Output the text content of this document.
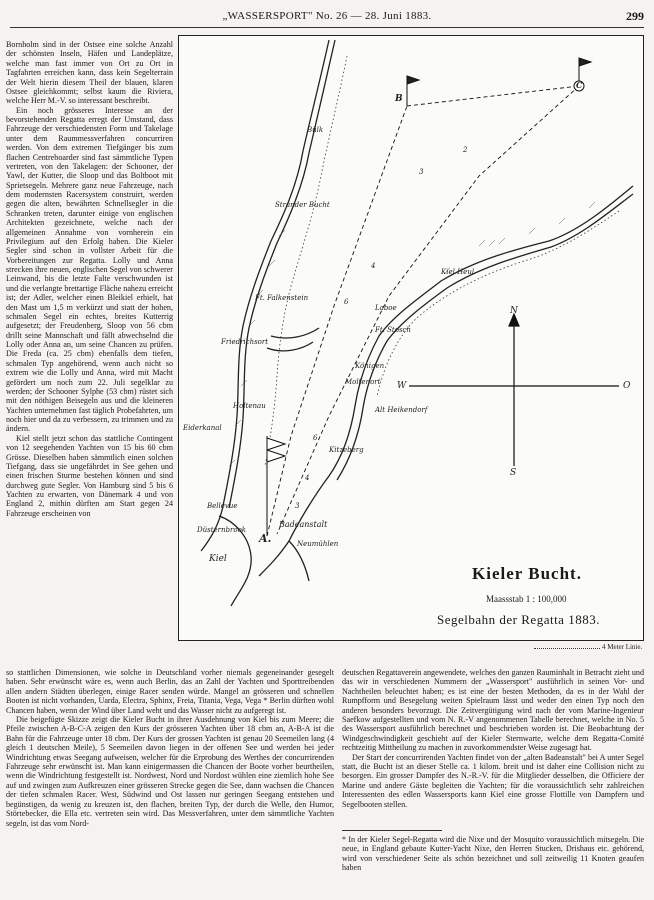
„WASSERSPORT" No. 26 — 28. Juni 1883.	299

Bornholm sind in der Ostsee eine solche Anzahl der schönsten Inseln, Häfen und Landeplätze, welche man fast immer von Ort zu Ort in Tagfahrten erreichen kann, dass kein Segelterrain der Welt hierin diesem Theil der blauen, klaren Ostsee gleichkommt; selbst kaum die Riviera, welche Herr M.-V. so interessant beschreibt.

Ein noch grösseres Interesse an der bevorstehenden Regatta erregt der Umstand, dass Fahrzeuge der verschiedensten Form und Takelage unter dem Raummessverfahren concurriren werden. Von dem extremen Tiefgänger bis zum flachen Centreboarder sind fast sämmtliche Typen vertreten, von den Takelagen: der Schooner, der Yawl, der Kutter, die Sloop und das Boltboot mit Sprietsegeln. Mehrere ganz neue Fahrzeuge, nach dem modernsten Racersystem construirt, werden gegen die alten, bewährten Schnellsegler in die Schranken treten, darunter einige von englischen Architekten gezeichnete, welche nach der allgemeinen Annahme von vornherein ein Privilegium auf den Erfolg haben. Die Kieler Segler sind schon in vollster Arbeit für die Vorbereitungen zur Regatta. Lolly und Anna strecken ihre neuen, englischen Segel von schwerer Leinwand, bis die letzte Falte verschwunden ist und die verlangte brettartige Fläche nahezu erreicht ist; der Adler, welcher einen Bleikiel erhielt, hat den Mast um 1,5 m verkürzt und statt der hohen, schmalen Segel ein echtes, breites Kutterrig aufgesetzt; der Freudenberg, Sloop von 56 cbm drillt seine Mannschaft und fällt abwechselnd die Lolly oder Anna an, um seine Chancen zu prüfen. Die Freda (ca. 25 cbm) ebenfalls dem tiefen, schmalen Typ angehörend, wenn auch nicht so extrem wie die Lolly und Anna, wird mit Macht gefördert um noch zum 22. Juli segelklar zu werden; der Schooner Sylphe (53 cbm) rüstet sich mit den nöthigen Beisegeln aus und die kleineren Yachten unternehmen fast täglich Probefahrten, um noch hier und da zu verbessern, zu trimmen und zu ändern.

Kiel stellt jetzt schon das stattliche Contingent von 12 seegehenden Yachten von 15 bis 60 cbm Grösse. Dieselben haben sämmtlich einen solchen Tiefgang, dass sie ungefährdet in See gehen und einen frischen Sturme bestehen können und sind durchweg gute Segler. Von Hamburg sind 5 bis 6 Yachten zu erwarten, von Dänemark 4 und von England 2, mithin dürften am Start gegen 24 Fahrzeuge erscheinen von

Bülk
Strander Bucht
Kiel Heul
Laboe
Ft. Falkenstein
Friedrichsort
Ft. Stosch
Königen
Moltenort
Holtenau
Eiderkanal
Alt Heikendorf
Kitzeberg
Bellevue
Badeanstalt
Düsternbrook
Neumühlen
Kiel
A.
B
C
N
O
W
S
2
3
4
6
6
4
3
Kieler Bucht.
Maassstab 1 : 100,000
Segelbahn der Regatta 1883.
4 Meter Linie.

so stattlichen Dimensionen, wie solche in Deutschland vorher niemals gegeneinander gesegelt haben. Sehr erwünscht wäre es, wenn auch Berlin, das an Zahl der Yachten und Sporttreibenden allen andern Städten überlegen, einige Racer senden würde. Mangel an grösseren und schnellen Booten ist nicht vorhanden, Uarda, Electra, Sphinx, Freia, Titania, Vega, Vega * Berlin dürften wohl Chancen haben, wenn der Wind über Land weht und das Wasser nicht zu aufgeregt ist.

Die beigefügte Skizze zeigt die Kieler Bucht in ihrer Ausdehnung von Kiel bis zum Meere; die Pfeile zwischen A-B-C-A zeigen den Kurs der grösseren Yachten über 18 cbm an, A-B-A ist die Bahn für die Fahrzeuge unter 18 cbm. Der Kurs der grossen Yachten ist genau 20 Seemeilen lang (4 gleich 1 deutschen Meile), 5 Seemeilen davon liegen in der offenen See und werden bei jeder Windrichtung etwas Seegang aufweisen, welcher für die Erprobung des Werthes der concurrirenden Fahrzeuge sehr erwünscht ist. Man kann einigermassen die Chancen der Boote vorher beurtheilen, wenn die Windrichtung festgestellt ist. Nordwest, Nord und Nordost wühlen eine ziemlich hohe See auf und zwingen zum Aufkreuzen einer grösseren Strecke gegen die See, dann wachsen die Chancen der tiefen schmalen Racer. West, Südwind und Ost lassen nur geringen Seegang entstehen und begünstigen, da wenig zu kreuzen ist, den flachen, breiten Typ, der durch die Welle, den Humor, Störtebecker, die Ella etc. vertreten sein wird. Das Messverfahren, unter dem sämmtliche Yachten segeln, ist das vom Nord-

deutschen Regattaverein angewendete, welches den ganzen Rauminhalt in Betracht zieht und das wir in verschiedenen Nummern der „Wassersport" ausführlich in seinen Vor- und Nachtheilen beleuchtet haben; es ist eine der besten Methoden, da es in der Wahl der Rumpfform und Besegelung weiten Spielraum lässt und weder den einen Typ noch den anderen besonders bevorzugt. Die Zeitvergütigung wird nach der vom Marine-Ingenieur Saefkow aufgestellten und vom N. R.-V angenommenen Tabelle berechnet, welche in No. 5 des Wassersport ausführlich berechnet und beschrieben worden ist. Die Beobachtung der Windgeschwindigkeit geschieht auf der Kieler Sternwarte, welche dem Regatta-Comité rechtzeitig Mittheilung zu machen in zuvorkommendster Weise zugesagt hat.

Der Start der concurrirenden Yachten findet von der „alten Badeanstalt" bei A unter Segel statt, die Bucht ist an dieser Stelle ca. 1 kilom. breit und ist daher eine Collision nicht zu besorgen. Ein grosser Dampfer des N.-R.-V. für die Mitglieder desselben, die Officiere der Marine und andere Gäste begleiten die Yachten; für die voraussichtlich sehr zahlreichen Interessenten des edlen Wassersports kann Kiel eine grosse Flottille von Dampfern und Segelbooten stellen.

* In der Kieler Segel-Regatta wird die Nixe und der Mosquito voraussichtlich mitsegeln. Die neue, in England gebaute Kutter-Yacht Nixe, den Herren Stucken, Drishaus etc. gehörend, wird von verschiedener Seite als schön bezeichnet und soll zeitweilig 11 Knoten geaufen haben
